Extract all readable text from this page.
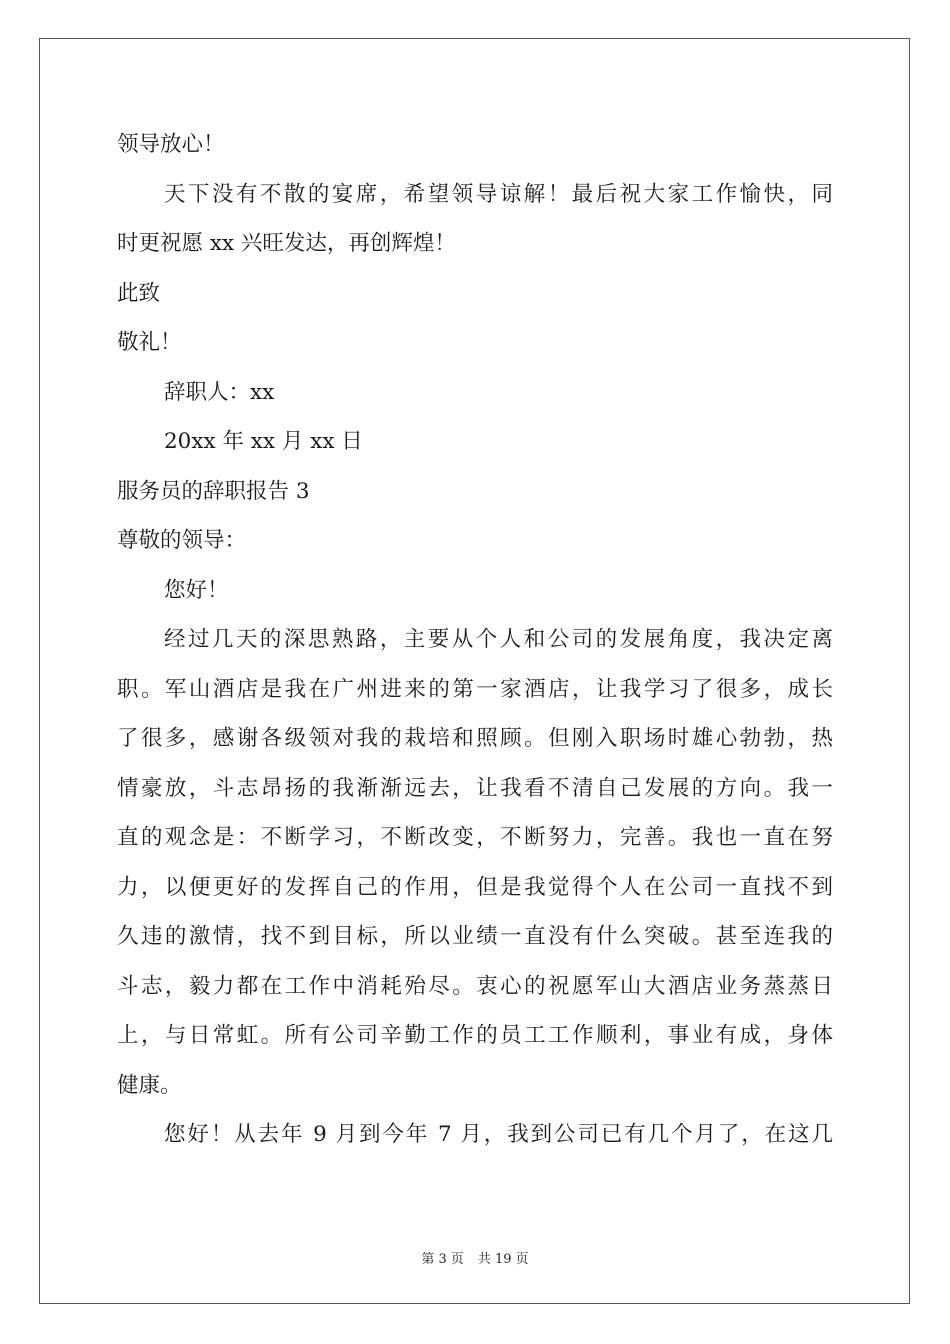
领导放心！
天下没有不散的宴席，希望领导谅解！最后祝大家工作愉快，同
时更祝愿 xx 兴旺发达，再创辉煌！
此致
敬礼！
辞职人：xx
20xx 年 xx 月 xx 日
服务员的辞职报告 3
尊敬的领导：
您好！
经过几天的深思熟路，主要从个人和公司的发展角度，我决定离
职。军山酒店是我在广州进来的第一家酒店，让我学习了很多，成长
了很多，感谢各级领对我的栽培和照顾。但刚入职场时雄心勃勃，热
情豪放，斗志昂扬的我渐渐远去，让我看不清自己发展的方向。我一
直的观念是：不断学习，不断改变，不断努力，完善。我也一直在努
力，以便更好的发挥自己的作用，但是我觉得个人在公司一直找不到
久违的激情，找不到目标，所以业绩一直没有什么突破。甚至连我的
斗志，毅力都在工作中消耗殆尽。衷心的祝愿军山大酒店业务蒸蒸日
上，与日常虹。所有公司辛勤工作的员工工作顺利，事业有成，身体
健康。
您好！从去年 9 月到今年 7 月，我到公司已有几个月了，在这几
第 3 页 共 19 页
